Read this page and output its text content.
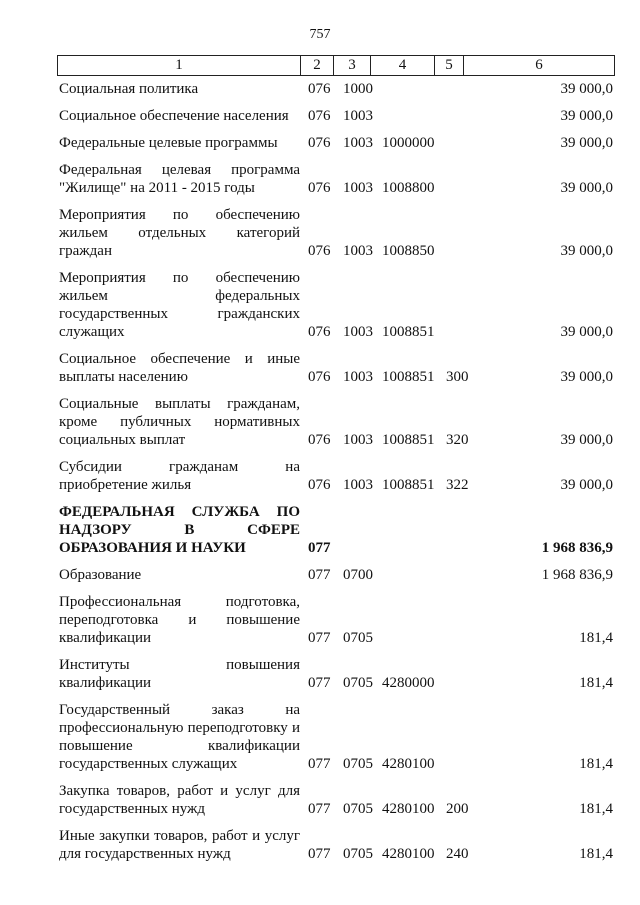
757
1	2	3	4	5	6
Социальная политика	076 1000	39 000,0
Социальное обеспечение населения	076 1003	39 000,0
Федеральные целевые программы	076 1003 1000000	39 000,0
Федеральная целевая программа "Жилище" на 2011 - 2015 годы	076 1003 1008800	39 000,0
Мероприятия по обеспечению жильем отдельных категорий граждан	076 1003 1008850	39 000,0
Мероприятия по обеспечению жильем федеральных государственных гражданских служащих	076 1003 1008851	39 000,0
Социальное обеспечение и иные выплаты населению	076 1003 1008851 300	39 000,0
Социальные выплаты гражданам, кроме публичных нормативных социальных выплат	076 1003 1008851 320	39 000,0
Субсидии гражданам на приобретение жилья	076 1003 1008851 322	39 000,0
ФЕДЕРАЛЬНАЯ СЛУЖБА ПО НАДЗОРУ В СФЕРЕ ОБРАЗОВАНИЯ И НАУКИ	077	1 968 836,9
Образование	077 0700	1 968 836,9
Профессиональная подготовка, переподготовка и повышение квалификации	077 0705	181,4
Институты повышения квалификации	077 0705 4280000	181,4
Государственный заказ на профессиональную переподготовку и повышение квалификации государственных служащих	077 0705 4280100	181,4
Закупка товаров, работ и услуг для государственных нужд	077 0705 4280100 200	181,4
Иные закупки товаров, работ и услуг для государственных нужд	077 0705 4280100 240	181,4
